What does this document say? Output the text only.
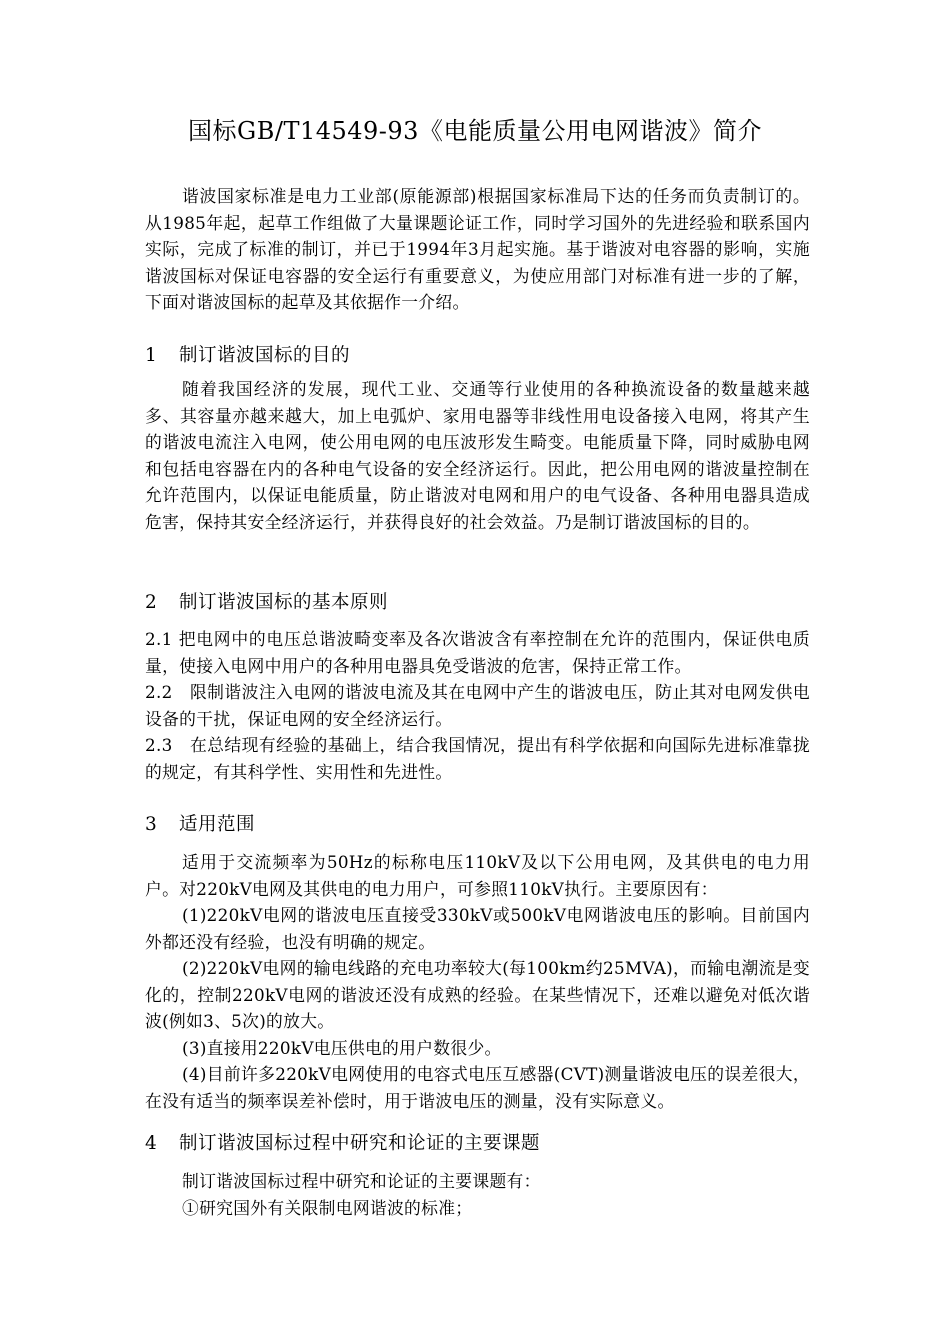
国标GB/T14549-93《电能质量公用电网谐波》简介

谐波国家标准是电力工业部(原能源部)根据国家标准局下达的任务而负责制订的。从1985年起，起草工作组做了大量课题论证工作，同时学习国外的先进经验和联系国内实际，完成了标准的制订，并已于1994年3月起实施。基于谐波对电容器的影响，实施谐波国标对保证电容器的安全运行有重要意义，为使应用部门对标准有进一步的了解，下面对谐波国标的起草及其依据作一介绍。

1 制订谐波国标的目的

随着我国经济的发展，现代工业、交通等行业使用的各种换流设备的数量越来越多、其容量亦越来越大，加上电弧炉、家用电器等非线性用电设备接入电网，将其产生的谐波电流注入电网，使公用电网的电压波形发生畸变。电能质量下降，同时威胁电网和包括电容器在内的各种电气设备的安全经济运行。因此，把公用电网的谐波量控制在允许范围内，以保证电能质量，防止谐波对电网和用户的电气设备、各种用电器具造成危害，保持其安全经济运行，并获得良好的社会效益。乃是制订谐波国标的目的。

2 制订谐波国标的基本原则

2.1 把电网中的电压总谐波畸变率及各次谐波含有率控制在允许的范围内，保证供电质量，使接入电网中用户的各种用电器具免受谐波的危害，保持正常工作。

2.2　限制谐波注入电网的谐波电流及其在电网中产生的谐波电压，防止其对电网发供电设备的干扰，保证电网的安全经济运行。

2.3　在总结现有经验的基础上，结合我国情况，提出有科学依据和向国际先进标准靠拢的规定，有其科学性、实用性和先进性。

3 适用范围

适用于交流频率为50Hz的标称电压110kV及以下公用电网，及其供电的电力用户。对220kV电网及其供电的电力用户，可参照110kV执行。主要原因有：

(1)220kV电网的谐波电压直接受330kV或500kV电网谐波电压的影响。目前国内外都还没有经验，也没有明确的规定。

(2)220kV电网的输电线路的充电功率较大(每100km约25MVA)，而输电潮流是变化的，控制220kV电网的谐波还没有成熟的经验。在某些情况下，还难以避免对低次谐波(例如3、5次)的放大。

(3)直接用220kV电压供电的用户数很少。

(4)目前许多220kV电网使用的电容式电压互感器(CVT)测量谐波电压的误差很大，在没有适当的频率误差补偿时，用于谐波电压的测量，没有实际意义。

4 制订谐波国标过程中研究和论证的主要课题

制订谐波国标过程中研究和论证的主要课题有：

①研究国外有关限制电网谐波的标准；
